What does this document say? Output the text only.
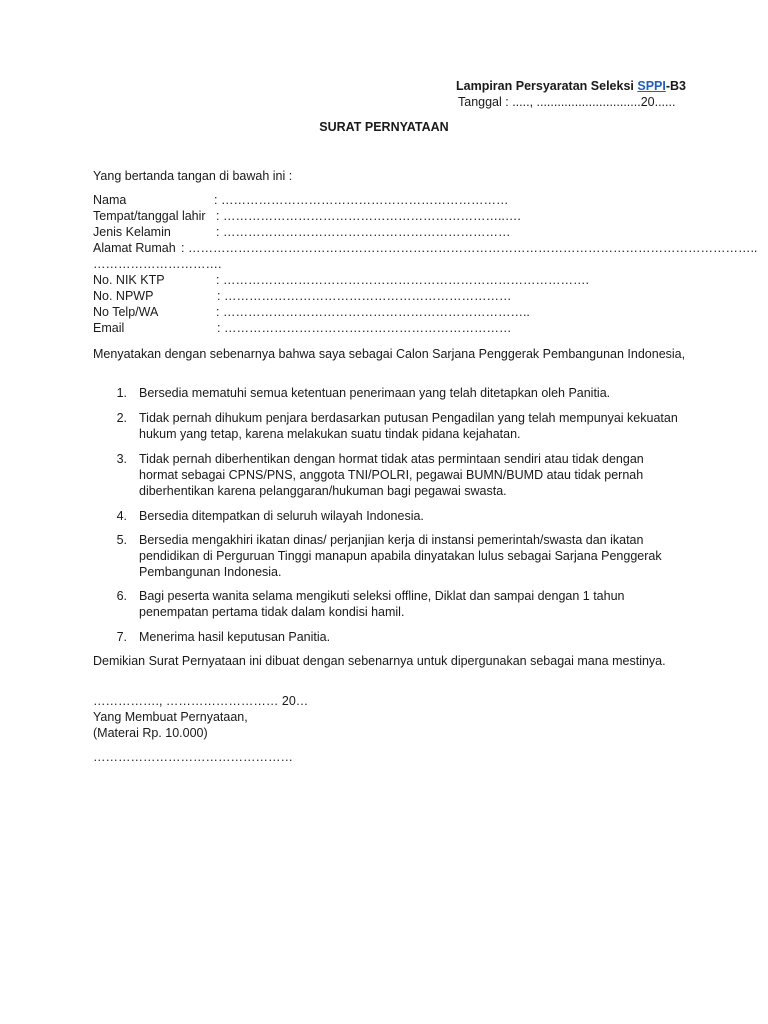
Lampiran Persyaratan Seleksi SPPI-B3
Tanggal : ....., ..............................20......
SURAT PERNYATAAN
Yang bertanda tangan di bawah ini :
Nama	: ……………………………………………………………
Tempat/tanggal lahir : …………………………………………………………..….
Jenis Kelamin	: ……………………………………………………………
Alamat Rumah : ………………………………………………………………………………………………………………………..
………………………….
No. NIK KTP	: …………………………………………………………………………….
No. NPWP	: ……………………………………………………………
No Telp/WA	: ………………………………………………………………..
Email	: ……………………………………………………………
Menyatakan dengan sebenarnya bahwa saya sebagai Calon Sarjana Penggerak Pembangunan Indonesia,
1. Bersedia mematuhi semua ketentuan penerimaan yang telah ditetapkan oleh Panitia.
2. Tidak pernah dihukum penjara berdasarkan putusan Pengadilan yang telah mempunyai kekuatan hukum yang tetap, karena melakukan suatu tindak pidana kejahatan.
3. Tidak pernah diberhentikan dengan hormat tidak atas permintaan sendiri atau tidak dengan hormat sebagai CPNS/PNS, anggota TNI/POLRI, pegawai BUMN/BUMD atau tidak pernah diberhentikan karena pelanggaran/hukuman bagi pegawai swasta.
4. Bersedia ditempatkan di seluruh wilayah Indonesia.
5. Bersedia mengakhiri ikatan dinas/ perjanjian kerja di instansi pemerintah/swasta dan ikatan pendidikan di Perguruan Tinggi manapun apabila dinyatakan lulus sebagai Sarjana Penggerak Pembangunan Indonesia.
6. Bagi peserta wanita selama mengikuti seleksi offline, Diklat dan sampai dengan 1 tahun penempatan pertama tidak dalam kondisi hamil.
7. Menerima hasil keputusan Panitia.
Demikian Surat Pernyataan ini dibuat dengan sebenarnya untuk dipergunakan sebagai mana mestinya.
……………., ……………………… 20…
Yang Membuat Pernyataan,
(Materai Rp. 10.000)
…………………………………………
